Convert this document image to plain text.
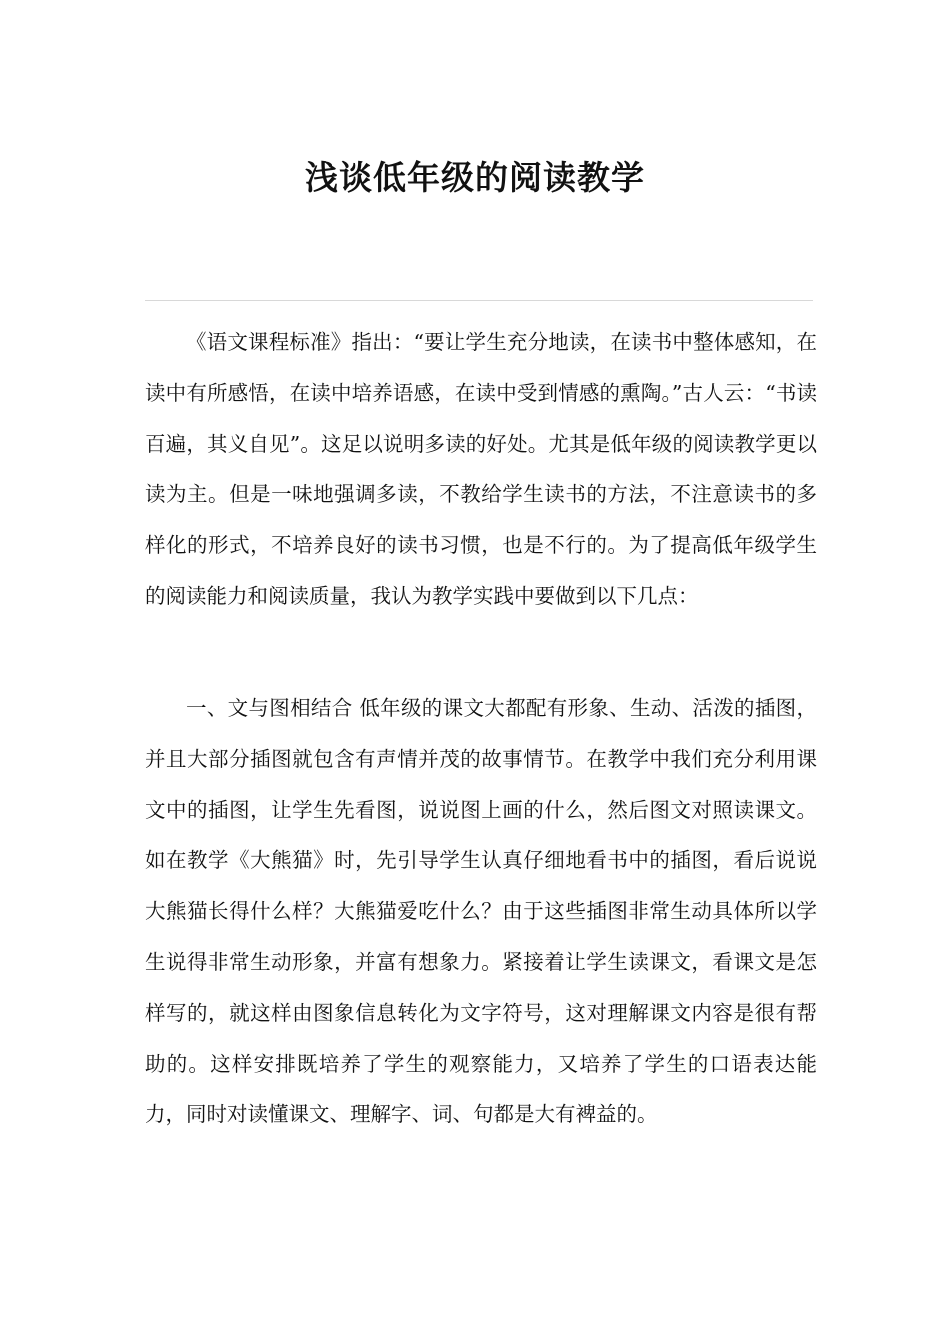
浅谈低年级的阅读教学

《语文课程标准》指出：“要让学生充分地读，在读书中整体感知，在读中有所感悟，在读中培养语感，在读中受到情感的熏陶。”古人云：“书读百遍，其义自见”。这足以说明多读的好处。尤其是低年级的阅读教学更以读为主。但是一味地强调多读，不教给学生读书的方法，不注意读书的多样化的形式，不培养良好的读书习惯，也是不行的。为了提高低年级学生的阅读能力和阅读质量，我认为教学实践中要做到以下几点：

一、文与图相结合 低年级的课文大都配有形象、生动、活泼的插图，并且大部分插图就包含有声情并茂的故事情节。在教学中我们充分利用课文中的插图，让学生先看图，说说图上画的什么，然后图文对照读课文。如在教学《大熊猫》时，先引导学生认真仔细地看书中的插图，看后说说大熊猫长得什么样？大熊猫爱吃什么？由于这些插图非常生动具体所以学生说得非常生动形象，并富有想象力。紧接着让学生读课文，看课文是怎样写的，就这样由图象信息转化为文字符号，这对理解课文内容是很有帮助的。这样安排既培养了学生的观察能力，又培养了学生的口语表达能力，同时对读懂课文、理解字、词、句都是大有裨益的。
